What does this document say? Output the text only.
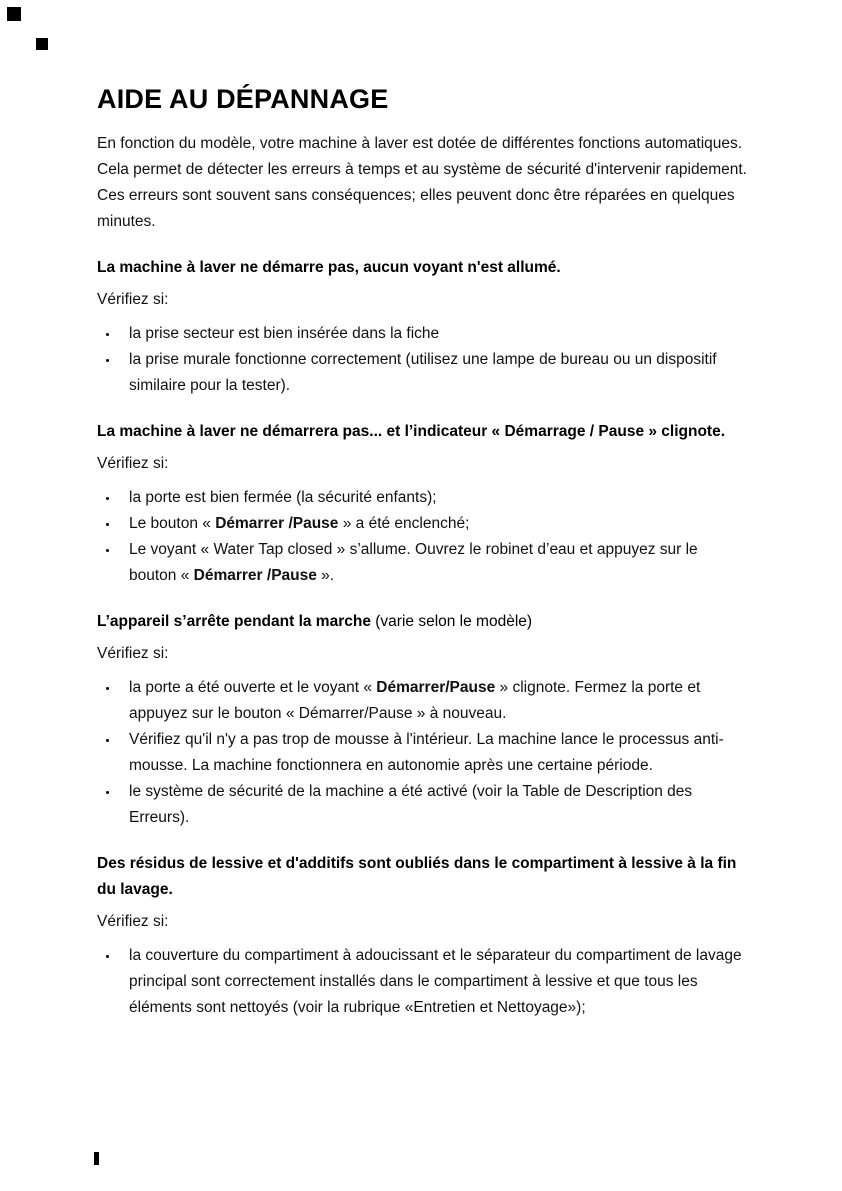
AIDE AU DÉPANNAGE

En fonction du modèle, votre machine à laver est dotée de différentes fonctions automatiques. Cela permet de détecter les erreurs à temps et au système de sécurité d'intervenir rapidement. Ces erreurs sont souvent sans conséquences; elles peuvent donc être réparées en quelques minutes.

La machine à laver ne démarre pas, aucun voyant n'est allumé.

Vérifiez si:

• la prise secteur est bien insérée dans la fiche
• la prise murale fonctionne correctement (utilisez une lampe de bureau ou un dispositif similaire pour la tester).
La machine à laver ne démarrera pas... et l’indicateur « Démarrage / Pause » clignote.

Vérifiez si:

• la porte est bien fermée (la sécurité enfants);
• Le bouton « Démarrer /Pause » a été enclenché;
• Le voyant « Water Tap closed » s’allume. Ouvrez le robinet d’eau et appuyez sur le bouton « Démarrer /Pause ».
L’appareil s’arrête pendant la marche (varie selon le modèle)

Vérifiez si:

• la porte a été ouverte et le voyant « Démarrer/Pause » clignote. Fermez la porte et appuyez sur le bouton « Démarrer/Pause » à nouveau.
• Vérifiez qu'il n'y a pas trop de mousse à l'intérieur. La machine lance le processus anti-mousse. La machine fonctionnera en autonomie après une certaine période.
• le système de sécurité de la machine a été activé (voir la Table de Description des Erreurs).
Des résidus de lessive et d'additifs sont oubliés dans le compartiment à lessive à la fin du lavage.

Vérifiez si:

• la couverture du compartiment à adoucissant et le séparateur du compartiment de lavage principal sont correctement installés dans le compartiment à lessive et que tous les éléments sont nettoyés (voir la rubrique «Entretien et Nettoyage»);
